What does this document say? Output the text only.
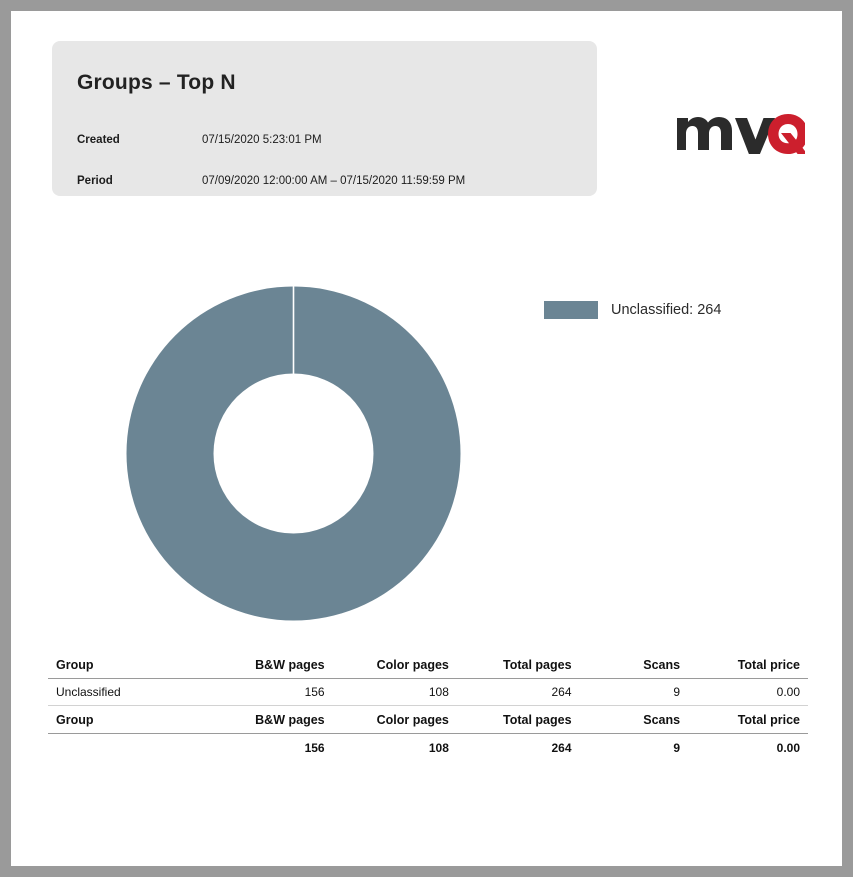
Groups – Top N
Created	07/15/2020 5:23:01 PM
Period	07/09/2020 12:00:00 AM – 07/15/2020 11:59:59 PM
Unclassified: 264
Group	B&W pages	Color pages	Total pages	Scans	Total price
Unclassified	156	108	264	9	0.00
Group	B&W pages	Color pages	Total pages	Scans	Total price
	156	108	264	9	0.00
